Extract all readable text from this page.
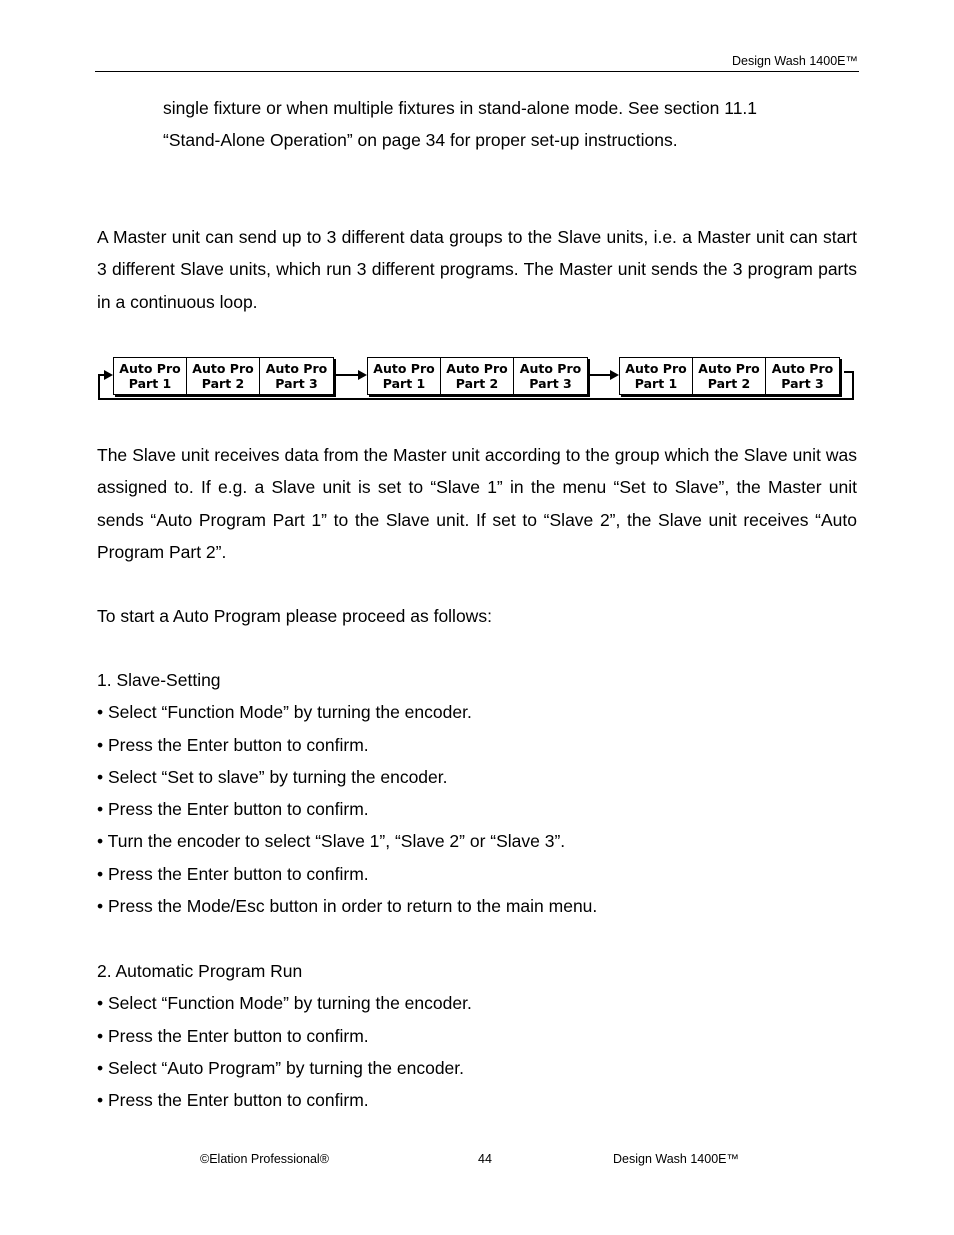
Design Wash 1400E™
single fixture or when multiple fixtures in stand-alone mode. See section 11.1
“Stand-Alone Operation” on page 34 for proper set-up instructions.

A Master unit can send up to 3 different data groups to the Slave units, i.e. a Master unit can start 3 different Slave units, which run 3 different programs. The Master unit sends the 3 program parts in a continuous loop.

Auto Pro
Part 1
Auto Pro
Part 2
Auto Pro
Part 3
Auto Pro
Part 1
Auto Pro
Part 2
Auto Pro
Part 3
Auto Pro
Part 1
Auto Pro
Part 2
Auto Pro
Part 3

The Slave unit receives data from the Master unit according to the group which the Slave unit was assigned to. If e.g. a Slave unit is set to “Slave 1” in the menu “Set to Slave”, the Master unit sends “Auto Program Part 1” to the Slave unit. If set to “Slave 2”, the Slave unit receives “Auto Program Part 2”.

To start a Auto Program please proceed as follows:

1. Slave-Setting
• Select “Function Mode” by turning the encoder.
• Press the Enter button to confirm.
• Select “Set to slave” by turning the encoder.
• Press the Enter button to confirm.
• Turn the encoder to select “Slave 1”, “Slave 2” or “Slave 3”.
• Press the Enter button to confirm.
• Press the Mode/Esc button in order to return to the main menu.
2. Automatic Program Run
• Select “Function Mode” by turning the encoder.
• Press the Enter button to confirm.
• Select “Auto Program” by turning the encoder.
• Press the Enter button to confirm.
©Elation Professional®	44	Design Wash 1400E™
